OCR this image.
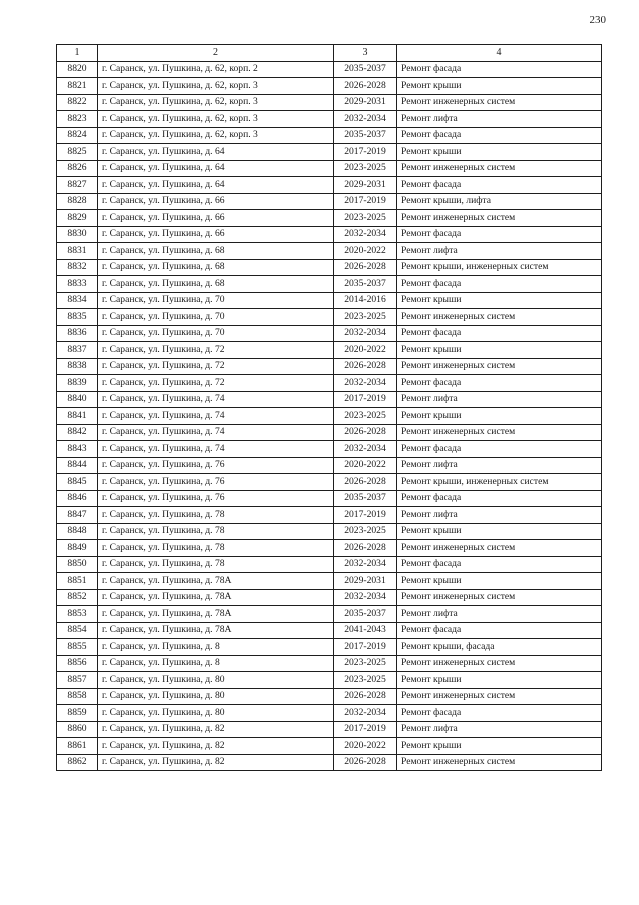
230
1	2	3	4
8820	г. Саранск, ул. Пушкина, д. 62, корп. 2	2035-2037	Ремонт фасада
8821	г. Саранск, ул. Пушкина, д. 62, корп. 3	2026-2028	Ремонт крыши
8822	г. Саранск, ул. Пушкина, д. 62, корп. 3	2029-2031	Ремонт инженерных систем
8823	г. Саранск, ул. Пушкина, д. 62, корп. 3	2032-2034	Ремонт лифта
8824	г. Саранск, ул. Пушкина, д. 62, корп. 3	2035-2037	Ремонт фасада
8825	г. Саранск, ул. Пушкина, д. 64	2017-2019	Ремонт крыши
8826	г. Саранск, ул. Пушкина, д. 64	2023-2025	Ремонт инженерных систем
8827	г. Саранск, ул. Пушкина, д. 64	2029-2031	Ремонт фасада
8828	г. Саранск, ул. Пушкина, д. 66	2017-2019	Ремонт крыши, лифта
8829	г. Саранск, ул. Пушкина, д. 66	2023-2025	Ремонт инженерных систем
8830	г. Саранск, ул. Пушкина, д. 66	2032-2034	Ремонт фасада
8831	г. Саранск, ул. Пушкина, д. 68	2020-2022	Ремонт лифта
8832	г. Саранск, ул. Пушкина, д. 68	2026-2028	Ремонт крыши, инженерных систем
8833	г. Саранск, ул. Пушкина, д. 68	2035-2037	Ремонт фасада
8834	г. Саранск, ул. Пушкина, д. 70	2014-2016	Ремонт крыши
8835	г. Саранск, ул. Пушкина, д. 70	2023-2025	Ремонт инженерных систем
8836	г. Саранск, ул. Пушкина, д. 70	2032-2034	Ремонт фасада
8837	г. Саранск, ул. Пушкина, д. 72	2020-2022	Ремонт крыши
8838	г. Саранск, ул. Пушкина, д. 72	2026-2028	Ремонт инженерных систем
8839	г. Саранск, ул. Пушкина, д. 72	2032-2034	Ремонт фасада
8840	г. Саранск, ул. Пушкина, д. 74	2017-2019	Ремонт лифта
8841	г. Саранск, ул. Пушкина, д. 74	2023-2025	Ремонт крыши
8842	г. Саранск, ул. Пушкина, д. 74	2026-2028	Ремонт инженерных систем
8843	г. Саранск, ул. Пушкина, д. 74	2032-2034	Ремонт фасада
8844	г. Саранск, ул. Пушкина, д. 76	2020-2022	Ремонт лифта
8845	г. Саранск, ул. Пушкина, д. 76	2026-2028	Ремонт крыши, инженерных систем
8846	г. Саранск, ул. Пушкина, д. 76	2035-2037	Ремонт фасада
8847	г. Саранск, ул. Пушкина, д. 78	2017-2019	Ремонт лифта
8848	г. Саранск, ул. Пушкина, д. 78	2023-2025	Ремонт крыши
8849	г. Саранск, ул. Пушкина, д. 78	2026-2028	Ремонт инженерных систем
8850	г. Саранск, ул. Пушкина, д. 78	2032-2034	Ремонт фасада
8851	г. Саранск, ул. Пушкина, д. 78А	2029-2031	Ремонт крыши
8852	г. Саранск, ул. Пушкина, д. 78А	2032-2034	Ремонт инженерных систем
8853	г. Саранск, ул. Пушкина, д. 78А	2035-2037	Ремонт лифта
8854	г. Саранск, ул. Пушкина, д. 78А	2041-2043	Ремонт фасада
8855	г. Саранск, ул. Пушкина, д. 8	2017-2019	Ремонт крыши, фасада
8856	г. Саранск, ул. Пушкина, д. 8	2023-2025	Ремонт инженерных систем
8857	г. Саранск, ул. Пушкина, д. 80	2023-2025	Ремонт крыши
8858	г. Саранск, ул. Пушкина, д. 80	2026-2028	Ремонт инженерных систем
8859	г. Саранск, ул. Пушкина, д. 80	2032-2034	Ремонт фасада
8860	г. Саранск, ул. Пушкина, д. 82	2017-2019	Ремонт лифта
8861	г. Саранск, ул. Пушкина, д. 82	2020-2022	Ремонт крыши
8862	г. Саранск, ул. Пушкина, д. 82	2026-2028	Ремонт инженерных систем
